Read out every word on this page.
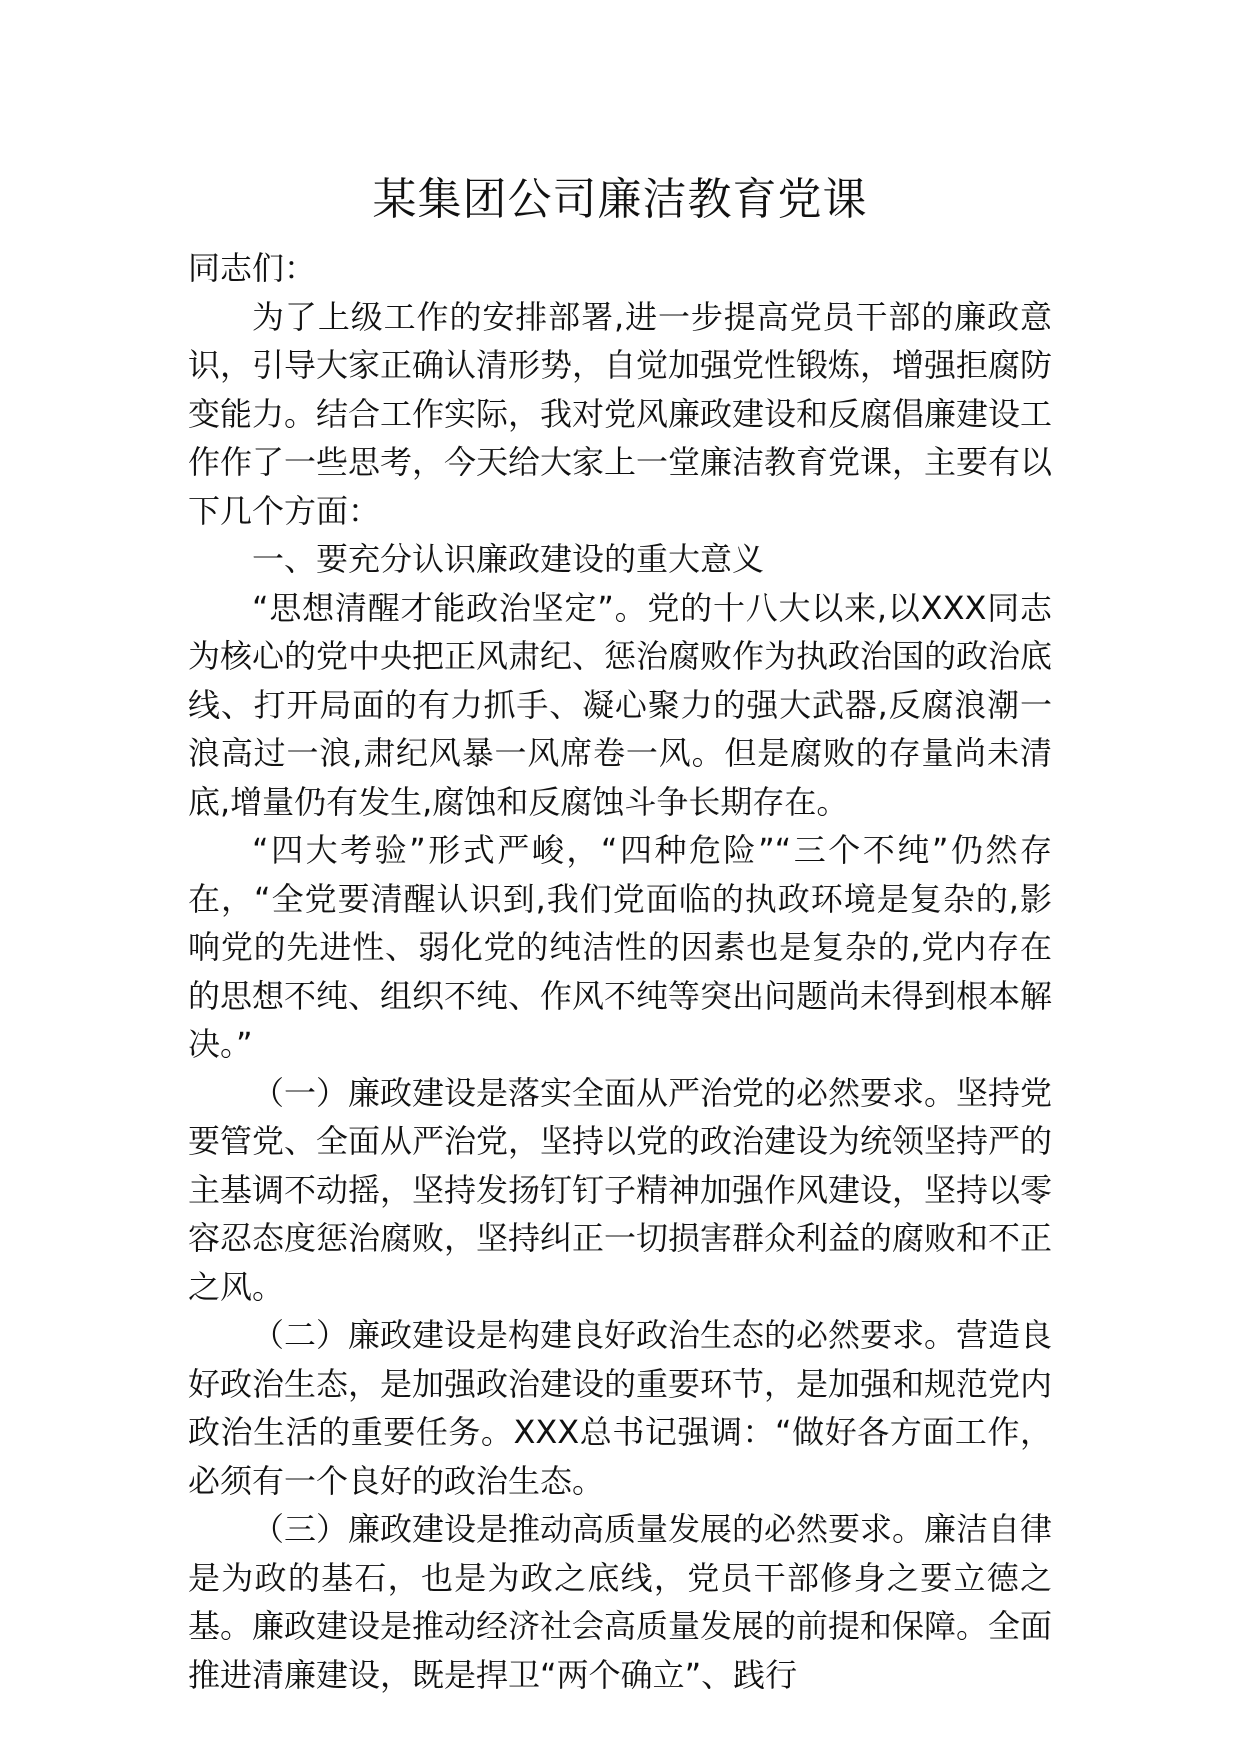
某集团公司廉洁教育党课

同志们：

为了上级工作的安排部署,进一步提高党员干部的廉政意识，引导大家正确认清形势，自觉加强党性锻炼，增强拒腐防变能力。结合工作实际，我对党风廉政建设和反腐倡廉建设工作作了一些思考，今天给大家上一堂廉洁教育党课，主要有以下几个方面：

一、要充分认识廉政建设的重大意义

“思想清醒才能政治坚定”。党的十八大以来,以XXX同志为核心的党中央把正风肃纪、惩治腐败作为执政治国的政治底线、打开局面的有力抓手、凝心聚力的强大武器,反腐浪潮一浪高过一浪,肃纪风暴一风席卷一风。但是腐败的存量尚未清底,增量仍有发生,腐蚀和反腐蚀斗争长期存在。

“四大考验”形式严峻，“四种危险”“三个不纯”仍然存在，“全党要清醒认识到,我们党面临的执政环境是复杂的,影响党的先进性、弱化党的纯洁性的因素也是复杂的,党内存在的思想不纯、组织不纯、作风不纯等突出问题尚未得到根本解决。”

（一）廉政建设是落实全面从严治党的必然要求。坚持党要管党、全面从严治党，坚持以党的政治建设为统领坚持严的主基调不动摇，坚持发扬钉钉子精神加强作风建设，坚持以零容忍态度惩治腐败，坚持纠正一切损害群众利益的腐败和不正之风。

（二）廉政建设是构建良好政治生态的必然要求。营造良好政治生态，是加强政治建设的重要环节，是加强和规范党内政治生活的重要任务。XXX总书记强调：“做好各方面工作，必须有一个良好的政治生态。

（三）廉政建设是推动高质量发展的必然要求。廉洁自律是为政的基石，也是为政之底线，党员干部修身之要立德之基。廉政建设是推动经济社会高质量发展的前提和保障。全面推进清廉建设，既是捍卫“两个确立”、践行
